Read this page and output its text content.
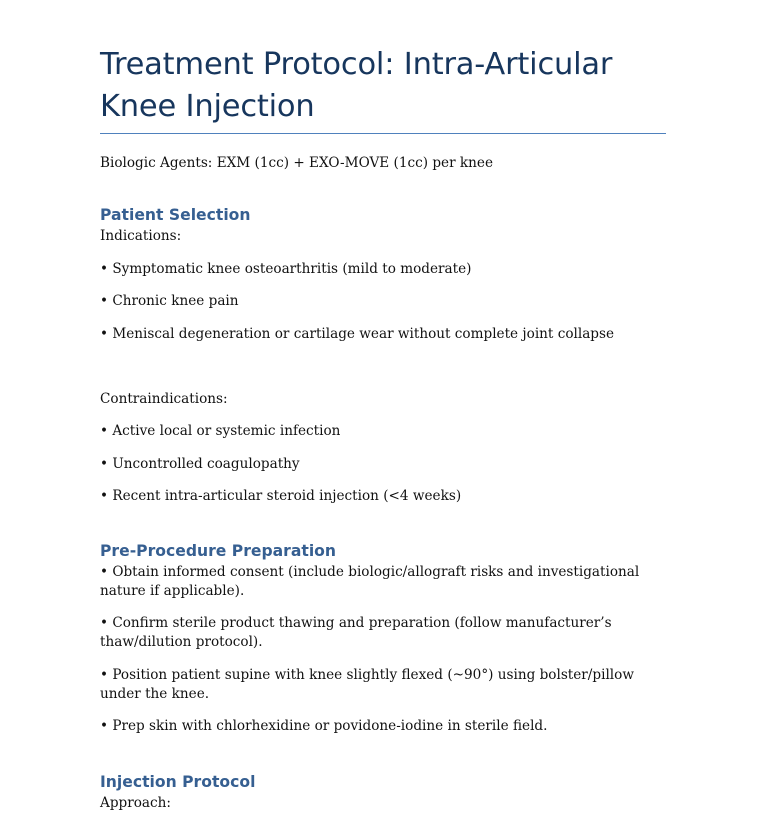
Treatment Protocol: Intra-Articular Knee Injection
Biologic Agents: EXM (1cc) + EXO-MOVE (1cc) per knee
Patient Selection
Indications:
• Symptomatic knee osteoarthritis (mild to moderate)
• Chronic knee pain
• Meniscal degeneration or cartilage wear without complete joint collapse
Contraindications:
• Active local or systemic infection
• Uncontrolled coagulopathy
• Recent intra-articular steroid injection (<4 weeks)
Pre-Procedure Preparation
• Obtain informed consent (include biologic/allograft risks and investigational nature if applicable).
• Confirm sterile product thawing and preparation (follow manufacturer’s thaw/dilution protocol).
• Position patient supine with knee slightly flexed (~90°) using bolster/pillow under the knee.
• Prep skin with chlorhexidine or povidone-iodine in sterile field.
Injection Protocol
Approach:
